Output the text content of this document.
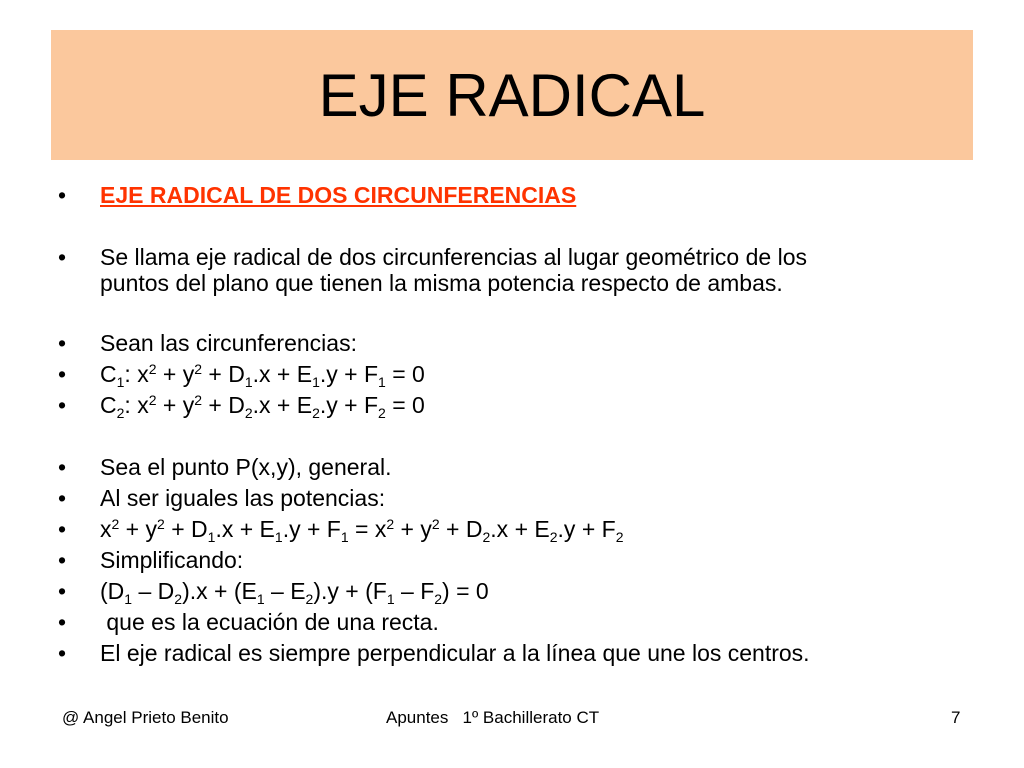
EJE RADICAL
•	EJE RADICAL DE DOS CIRCUNFERENCIAS
•	Se llama eje radical de dos circunferencias al lugar geométrico de los
puntos del plano que tienen la misma potencia respecto de ambas.
•	Sean las circunferencias:
•	$C_1$: $x^2 + y^2 + D_1.x + E_1.y + F_1 = 0$
•	$C_2$: $x^2 + y^2 + D_2.x + E_2.y + F_2 = 0$
•	Sea el punto P(x,y), general.
•	Al ser iguales las potencias:
•	$x^2 + y^2 + D_1.x + E_1.y + F_1 = x^2 + y^2 + D_2.x + E_2.y + F_2$
•	Simplificando:
•	$(D_1 - D_2).x + (E_1 - E_2).y + (F_1 - F_2) = 0$
•	que es la ecuación de una recta.
•	El eje radical es siempre perpendicular a la línea que une los centros.
@ Angel Prieto Benito	Apuntes   1º Bachillerato CT	7
